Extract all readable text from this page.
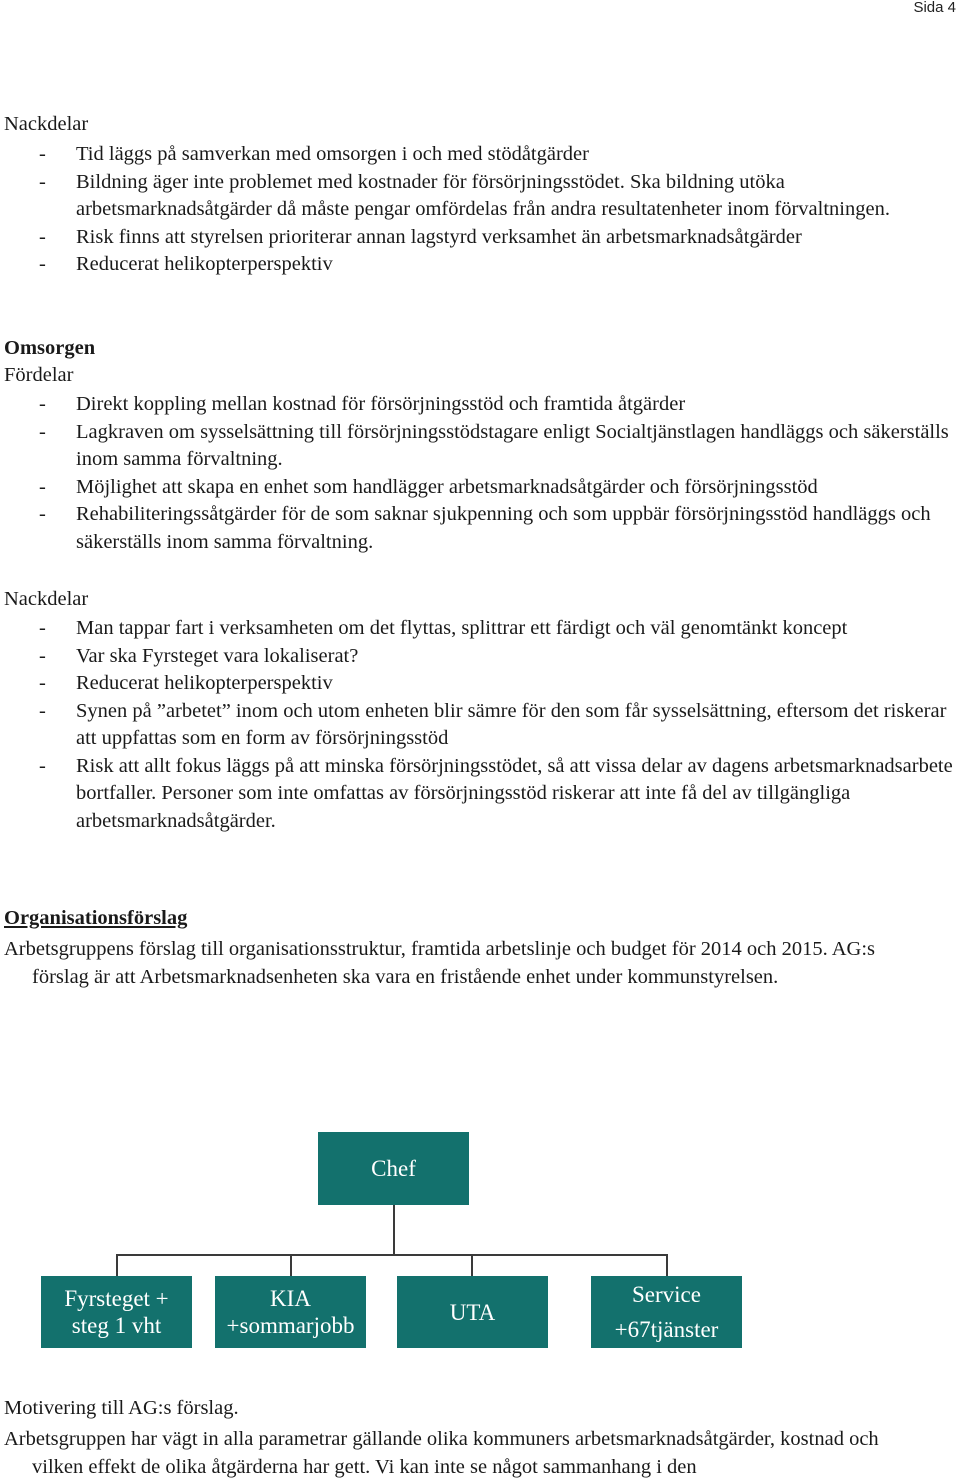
Sida 4

Nackdelar

- Tid läggs på samverkan med omsorgen i och med stödåtgärder
- Bildning äger inte problemet med kostnader för försörjningsstödet. Ska bildning utöka arbetsmarknadsåtgärder då måste pengar omfördelas från andra resultatenheter inom förvaltningen.
- Risk finns att styrelsen prioriterar annan lagstyrd verksamhet än arbetsmarknadsåtgärder
- Reducerat helikopterperspektiv

Omsorgen

Fördelar

- Direkt koppling mellan kostnad för försörjningsstöd och framtida åtgärder
- Lagkraven om sysselsättning till försörjningsstödstagare enligt Socialtjänstlagen handläggs och säkerställs inom samma förvaltning.
- Möjlighet att skapa en enhet som handlägger arbetsmarknadsåtgärder och försörjningsstöd
- Rehabiliteringssåtgärder för de som saknar sjukpenning och som uppbär försörjningsstöd handläggs och säkerställs inom samma förvaltning.

Nackdelar

- Man tappar fart i verksamheten om det flyttas, splittrar ett färdigt och väl genomtänkt koncept
- Var ska Fyrsteget vara lokaliserat?
- Reducerat helikopterperspektiv
- Synen på ”arbetet” inom och utom enheten blir sämre för den som får sysselsättning, eftersom det riskerar att uppfattas som en form av försörjningsstöd
- Risk att allt fokus läggs på att minska försörjningsstödet, så att vissa delar av dagens arbetsmarknadsarbete bortfaller. Personer som inte omfattas av försörjningsstöd riskerar att inte få del av tillgängliga arbetsmarknadsåtgärder.

Organisationsförslag

Arbetsgruppens förslag till organisationsstruktur, framtida arbetslinje och budget för 2014 och 2015. AG:s förslag är att Arbetsmarknadsenheten ska vara en fristående enhet under kommunstyrelsen.

Chef
Fyrsteget +
steg 1 vht
KIA
+sommarjobb
UTA
Service
+67tjänster

Motivering till AG:s förslag.

Arbetsgruppen har vägt in alla parametrar gällande olika kommuners arbetsmarknadsåtgärder, kostnad och vilken effekt de olika åtgärderna har gett. Vi kan inte se något sammanhang i den
